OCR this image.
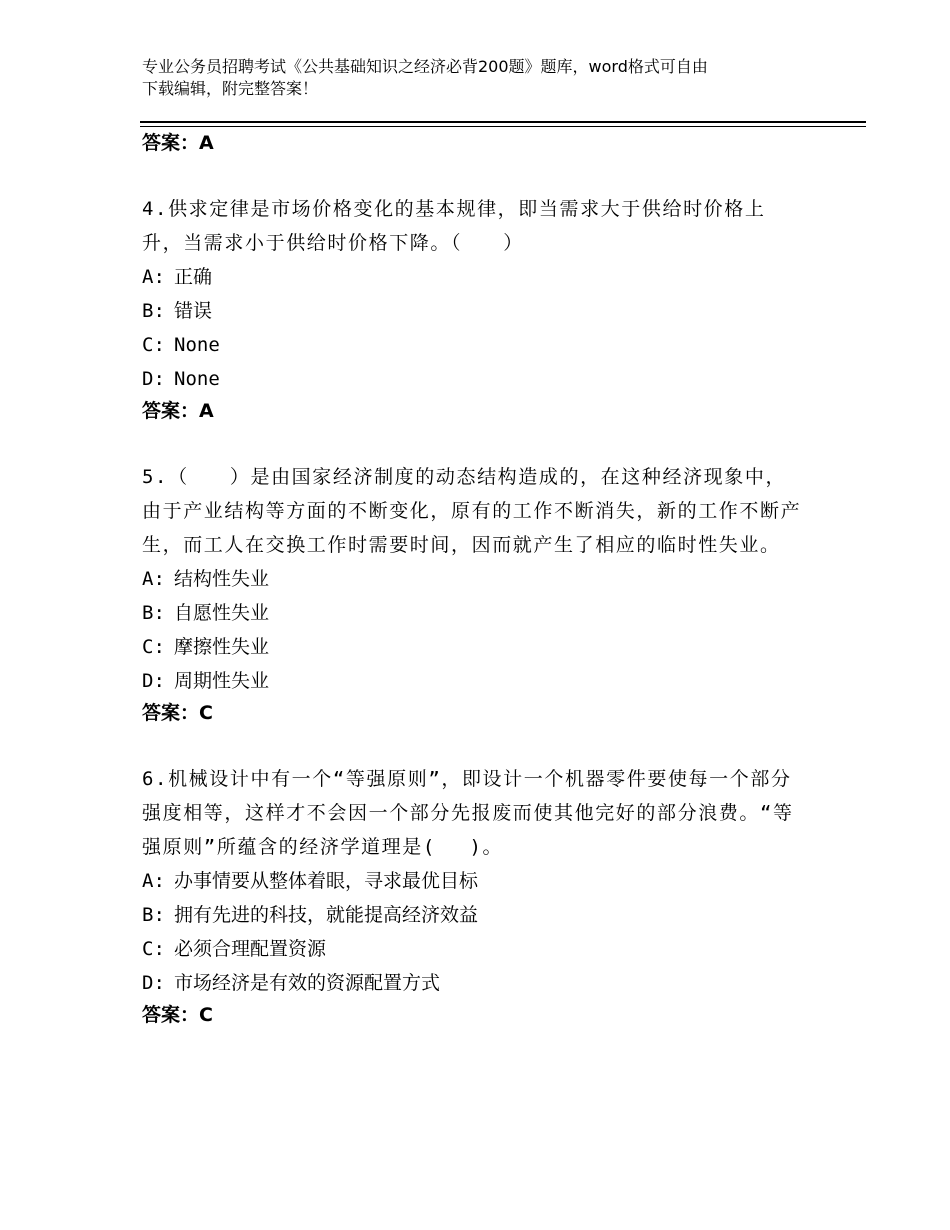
专业公务员招聘考试《公共基础知识之经济必背200题》题库，word格式可自由
下载编辑，附完整答案！
答案：A
4.供求定律是市场价格变化的基本规律，即当需求大于供给时价格上升，当需求小于供给时价格下降。（　　）
A: 正确
B: 错误
C: None
D: None
答案：A
5.（　　）是由国家经济制度的动态结构造成的，在这种经济现象中，由于产业结构等方面的不断变化，原有的工作不断消失，新的工作不断产生，而工人在交换工作时需要时间，因而就产生了相应的临时性失业。
A: 结构性失业
B: 自愿性失业
C: 摩擦性失业
D: 周期性失业
答案：C
6.机械设计中有一个“等强原则”，即设计一个机器零件要使每一个部分强度相等，这样才不会因一个部分先报废而使其他完好的部分浪费。“等强原则”所蕴含的经济学道理是(　 )。
A: 办事情要从整体着眼，寻求最优目标
B: 拥有先进的科技，就能提高经济效益
C: 必须合理配置资源
D: 市场经济是有效的资源配置方式
答案：C
